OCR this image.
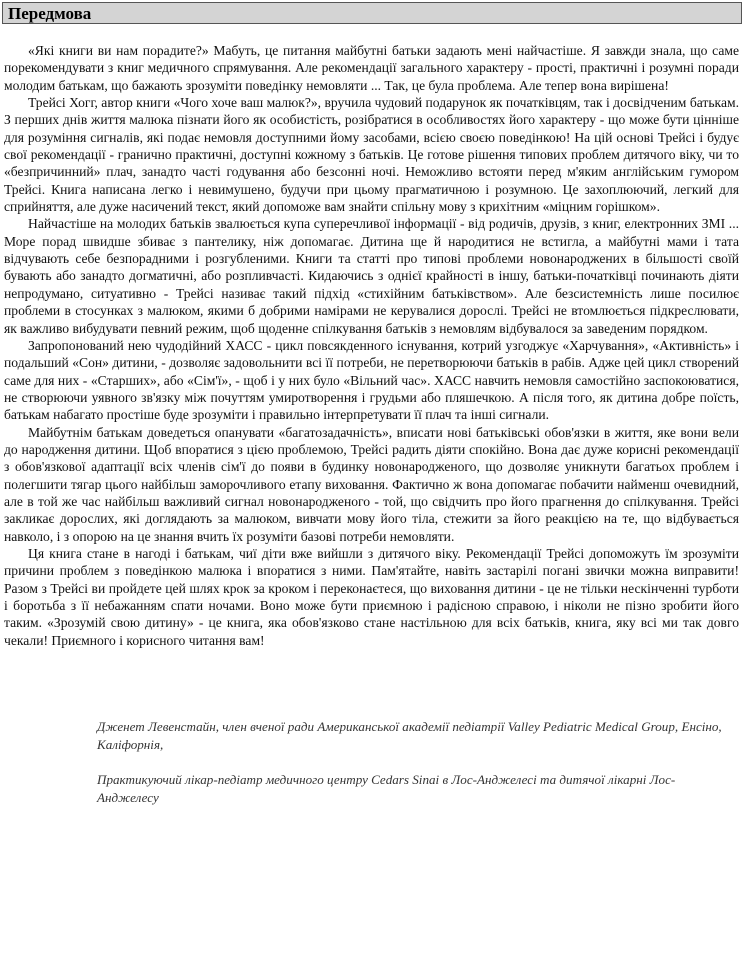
Передмова

«Які книги ви нам порадите?» Мабуть, це питання майбутні батьки задають мені найчастіше. Я завжди знала, що саме порекомендувати з книг медичного спрямування. Але рекомендації загального характеру - прості, практичні і розумні поради молодим батькам, що бажають зрозуміти поведінку немовляти ... Так, це була проблема. Але тепер вона вирішена!

Трейсі Хогг, автор книги «Чого хоче ваш малюк?», вручила чудовий подарунок як початківцям, так і досвідченим батькам. З перших днів життя малюка пізнати його як особистість, розібратися в особливостях його характеру - що може бути цінніше для розуміння сигналів, які подає немовля доступними йому засобами, всією своєю поведінкою! На цій основі Трейсі і будує свої рекомендації - гранично практичні, доступні кожному з батьків. Це готове рішення типових проблем дитячого віку, чи то «безпричинний» плач, занадто часті годування або безсонні ночі. Неможливо встояти перед м'яким англійським гумором Трейсі. Книга написана легко і невимушено, будучи при цьому прагматичною і розумною. Це захоплюючий, легкий для сприйняття, але дуже насичений текст, який допоможе вам знайти спільну мову з крихітним «міцним горішком».

Найчастіше на молодих батьків звалюється купа суперечливої інформації - від родичів, друзів, з книг, електронних ЗМІ ... Море порад швидше збиває з пантелику, ніж допомагає. Дитина ще й народитися не встигла, а майбутні мами і тата відчувають себе безпорадними і розгубленими. Книги та статті про типові проблеми новонароджених в більшості своїй бувають або занадто догматичні, або розпливчасті. Кидаючись з однієї крайності в іншу, батьки-початківці починають діяти непродумано, ситуативно - Трейсі називає такий підхід «стихійним батьківством». Але безсистемність лише посилює проблеми в стосунках з малюком, якими б добрими намірами не керувалися дорослі. Трейсі не втомлюється підкреслювати, як важливо вибудувати певний режим, щоб щоденне спілкування батьків з немовлям відбувалося за заведеним порядком.

Запропонований нею чудодійний ХАСС - цикл повсякденного існування, котрий узгоджує «Харчування», «Активність» і подальший «Сон» дитини, - дозволяє задовольнити всі її потреби, не перетворюючи батьків в рабів. Адже цей цикл створений саме для них - «Старших», або «Сім'ї», - щоб і у них було «Вільний час». ХАСС навчить немовля самостійно заспокоюватися, не створюючи уявного зв'язку між почуттям умиротворення і грудьми або пляшечкою. А після того, як дитина добре поїсть, батькам набагато простіше буде зрозуміти і правильно інтерпретувати її плач та інші сигнали.

Майбутнім батькам доведеться опанувати «багатозадачність», вписати нові батьківські обов'язки в життя, яке вони вели до народження дитини. Щоб впоратися з цією проблемою, Трейсі радить діяти спокійно. Вона дає дуже корисні рекомендації з обов'язкової адаптації всіх членів сім'ї до появи в будинку новонародженого, що дозволяє уникнути багатьох проблем і полегшити тягар цього найбільш заморочливого етапу виховання. Фактично ж вона допомагає побачити найменш очевидний, але в той же час найбільш важливий сигнал новонародженого - той, що свідчить про його прагнення до спілкування. Трейсі закликає дорослих, які доглядають за малюком, вивчати мову його тіла, стежити за його реакцією на те, що відбувається навколо, і з опорою на це знання вчить їх розуміти базові потреби немовляти.

Ця книга стане в нагоді і батькам, чиї діти вже вийшли з дитячого віку. Рекомендації Трейсі допоможуть їм зрозуміти причини проблем з поведінкою малюка і впоратися з ними. Пам'ятайте, навіть застарілі погані звички можна виправити! Разом з Трейсі ви пройдете цей шлях крок за кроком і переконаєтеся, що виховання дитини - це не тільки нескінченні турботи і боротьба з її небажанням спати ночами. Воно може бути приємною і радісною справою, і ніколи не пізно зробити його таким. «Зрозумій свою дитину» - це книга, яка обов'язково стане настільною для всіх батьків, книга, яку всі ми так довго чекали! Приємного і корисного читання вам!

Дженет Левенстайн, член вченої ради Американської академії педіатрії Valley Pediatric Medical Group, Енсіно, Каліфорнія,
Практикуючий лікар-педіатр медичного центру Cedars Sinai в Лос-Анджелесі та дитячої лікарні Лос-Анджелесу
